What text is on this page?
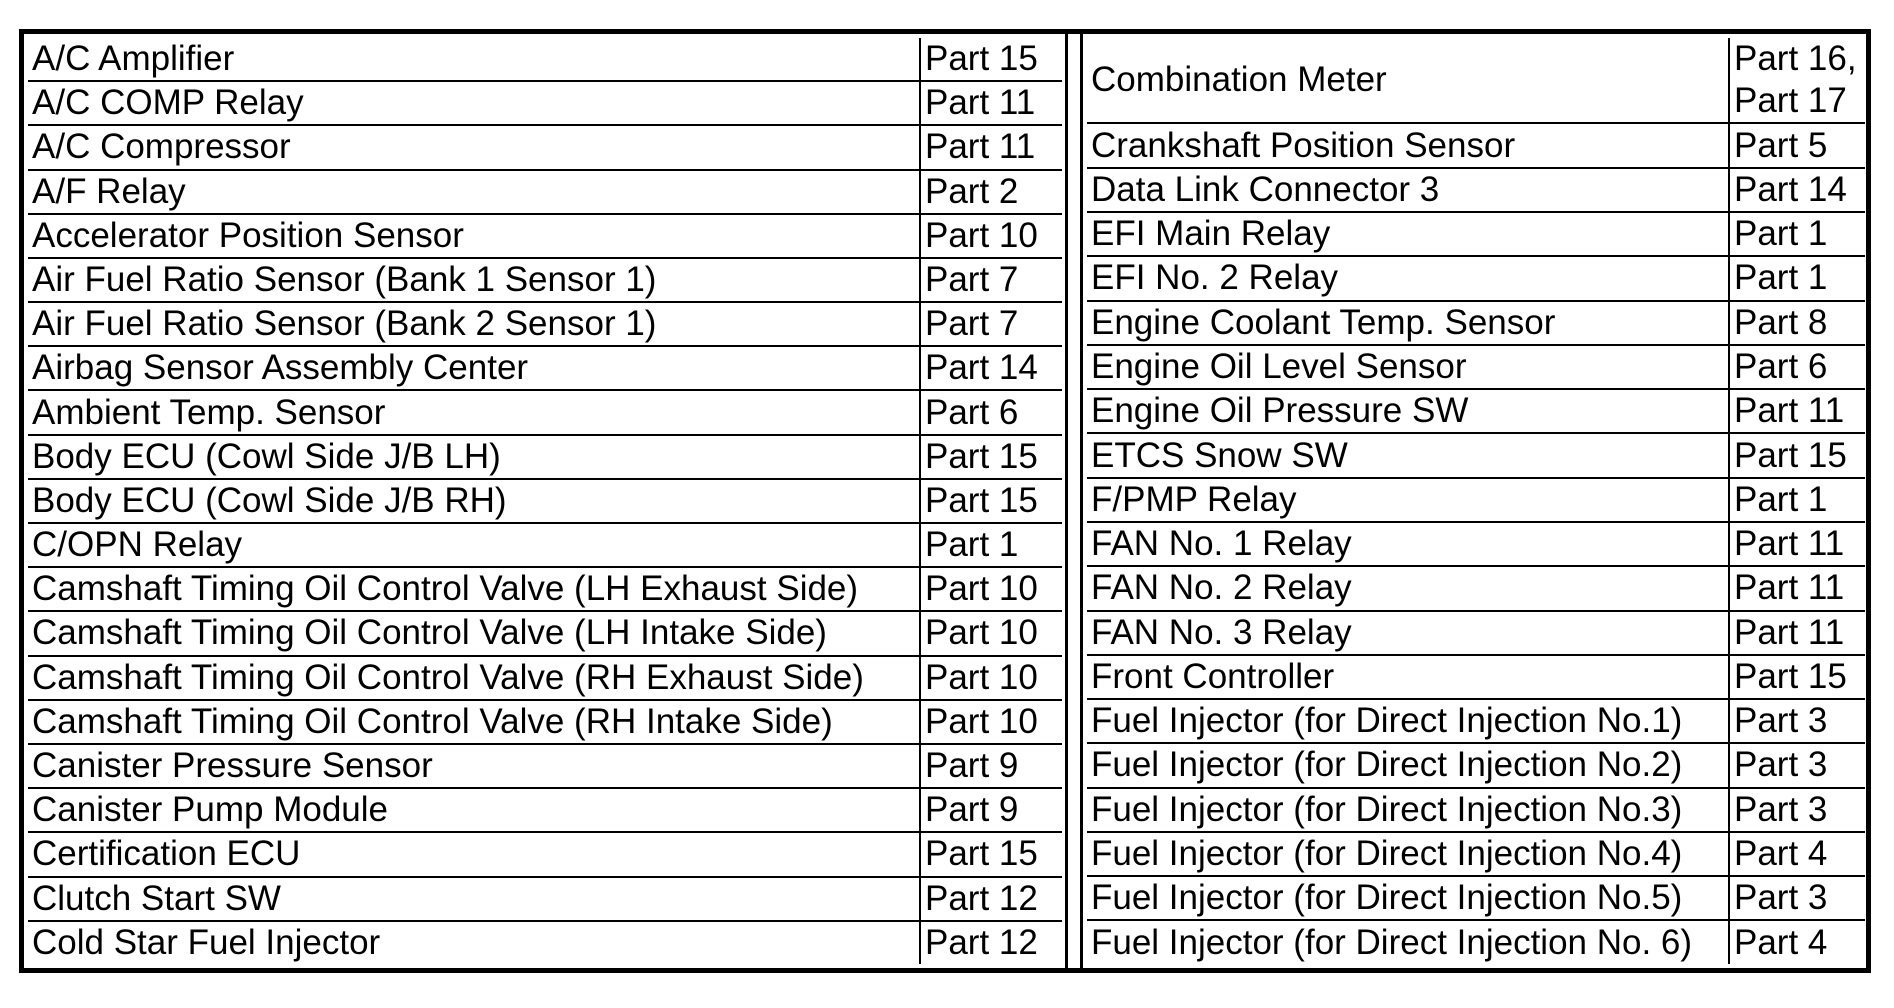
A/C Amplifier	Part 15
A/C COMP Relay	Part 11
A/C Compressor	Part 11
A/F Relay	Part 2
Accelerator Position Sensor	Part 10
Air Fuel Ratio Sensor (Bank 1 Sensor 1)	Part 7
Air Fuel Ratio Sensor (Bank 2 Sensor 1)	Part 7
Airbag Sensor Assembly Center	Part 14
Ambient Temp. Sensor	Part 6
Body ECU (Cowl Side J/B LH)	Part 15
Body ECU (Cowl Side J/B RH)	Part 15
C/OPN Relay	Part 1
Camshaft Timing Oil Control Valve (LH Exhaust Side)	Part 10
Camshaft Timing Oil Control Valve (LH Intake Side)	Part 10
Camshaft Timing Oil Control Valve (RH Exhaust Side)	Part 10
Camshaft Timing Oil Control Valve (RH Intake Side)	Part 10
Canister Pressure Sensor	Part 9
Canister Pump Module	Part 9
Certification ECU	Part 15
Clutch Start SW	Part 12
Cold Star Fuel Injector	Part 12
Combination Meter	Part 16,
	Part 17
Crankshaft Position Sensor	Part 5
Data Link Connector 3	Part 14
EFI Main Relay	Part 1
EFI No. 2 Relay	Part 1
Engine Coolant Temp. Sensor	Part 8
Engine Oil Level Sensor	Part 6
Engine Oil Pressure SW	Part 11
ETCS Snow SW	Part 15
F/PMP Relay	Part 1
FAN No. 1 Relay	Part 11
FAN No. 2 Relay	Part 11
FAN No. 3 Relay	Part 11
Front Controller	Part 15
Fuel Injector (for Direct Injection No.1)	Part 3
Fuel Injector (for Direct Injection No.2)	Part 3
Fuel Injector (for Direct Injection No.3)	Part 3
Fuel Injector (for Direct Injection No.4)	Part 4
Fuel Injector (for Direct Injection No.5)	Part 3
Fuel Injector (for Direct Injection No. 6)	Part 4
